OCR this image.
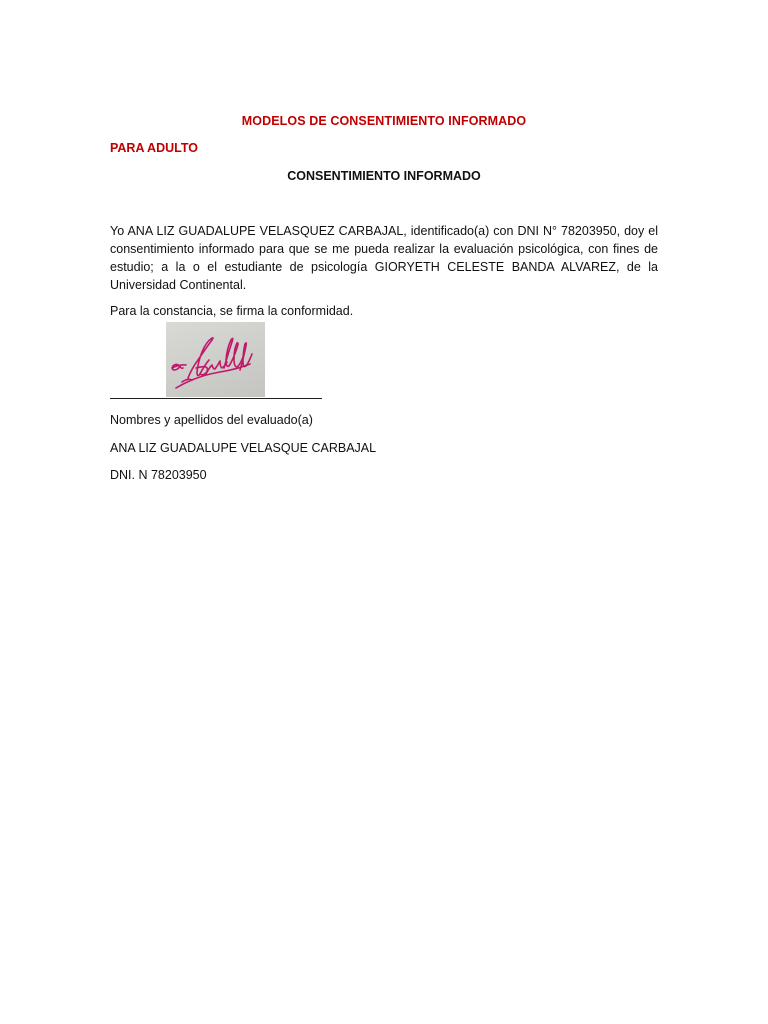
MODELOS DE CONSENTIMIENTO INFORMADO
PARA ADULTO
CONSENTIMIENTO INFORMADO

Yo ANA LIZ GUADALUPE VELASQUEZ CARBAJAL, identificado(a) con DNI N° 78203950, doy el consentimiento informado para que se me pueda realizar la evaluación psicológica, con fines de estudio; a la o el estudiante de psicología GIORYETH CELESTE BANDA ALVAREZ, de la Universidad Continental.

Para la constancia, se firma la conformidad.
Nombres y apellidos del evaluado(a)
ANA LIZ GUADALUPE VELASQUE CARBAJAL
DNI. N 78203950
